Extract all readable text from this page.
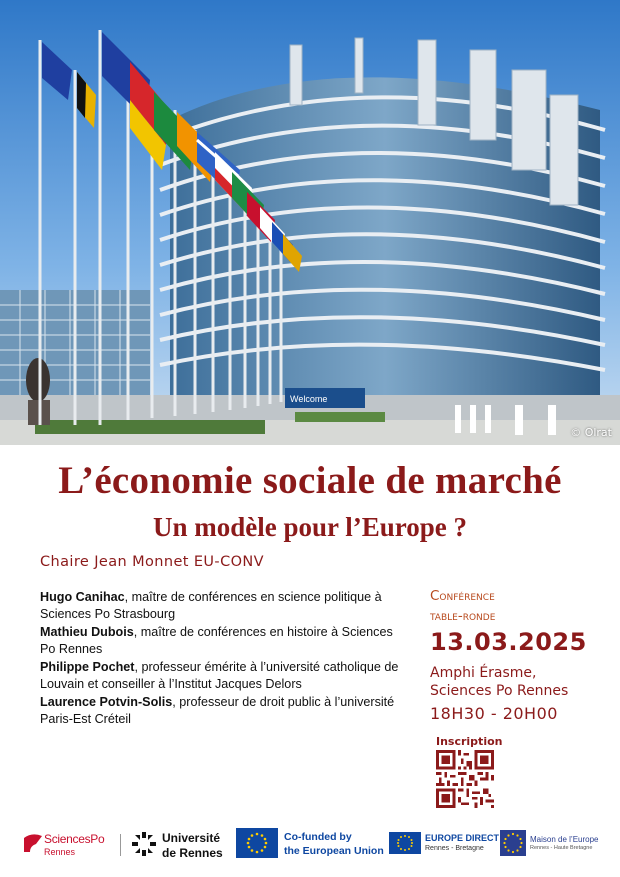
Welcome
© Olrat
L’économie sociale de marché
Un modèle pour l’Europe ?
Chaire Jean Monnet EU-CONV

Hugo Canihac, maître de conférences en science politique à Sciences Po Strasbourg

Mathieu Dubois, maître de conférences en histoire à Sciences Po Rennes

Philippe Pochet, professeur émérite à l’université catholique de Louvain et conseiller à l’Institut Jacques Delors

Laurence Potvin-Solis, professeur de droit public à l’université Paris-Est Créteil

Conférence
table-ronde
13.03.2025
Amphi Érasme,
Sciences Po Rennes
18H30 - 20H00
Inscription
SciencesPo
Rennes
Université
de Rennes
Co-funded by
the European Union
EUROPE DIRECT
Rennes - Bretagne
Maison de l’Europe
Rennes - Haute Bretagne
